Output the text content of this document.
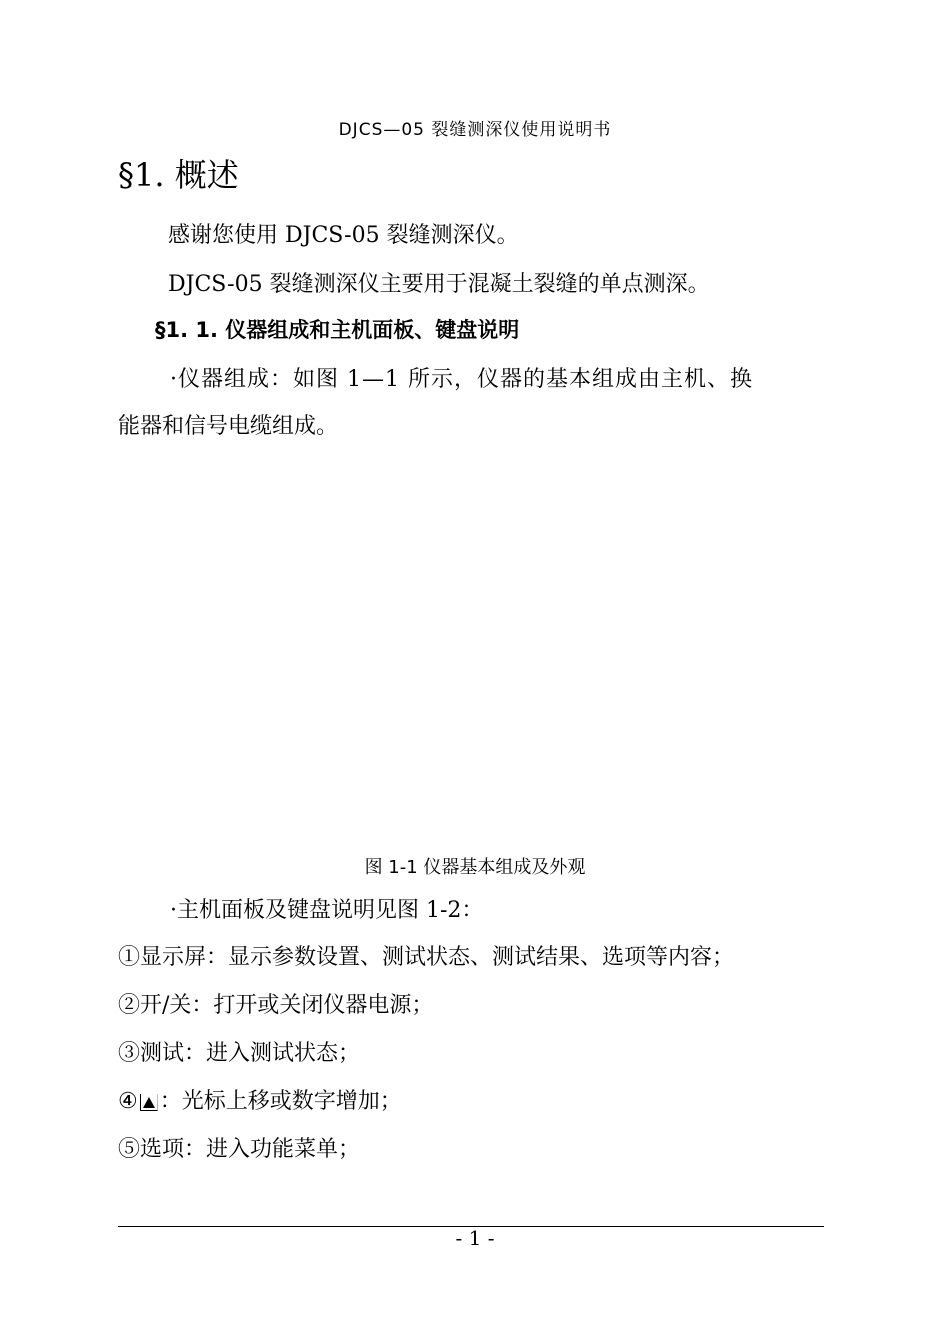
DJCS—05 裂缝测深仪使用说明书
§1. 概述
感谢您使用 DJCS-05 裂缝测深仪。
DJCS-05 裂缝测深仪主要用于混凝土裂缝的单点测深。
§1. 1. 仪器组成和主机面板、键盘说明
·仪器组成：如图 1—1 所示，仪器的基本组成由主机、换
能器和信号电缆组成。
图 1-1 仪器基本组成及外观
·主机面板及键盘说明见图 1-2：
①显示屏：显示参数设置、测试状态、测试结果、选项等内容；
②开/关：打开或关闭仪器电源；
③测试：进入测试状态；
④ ：光标上移或数字增加；
⑤选项：进入功能菜单；
- 1 -
